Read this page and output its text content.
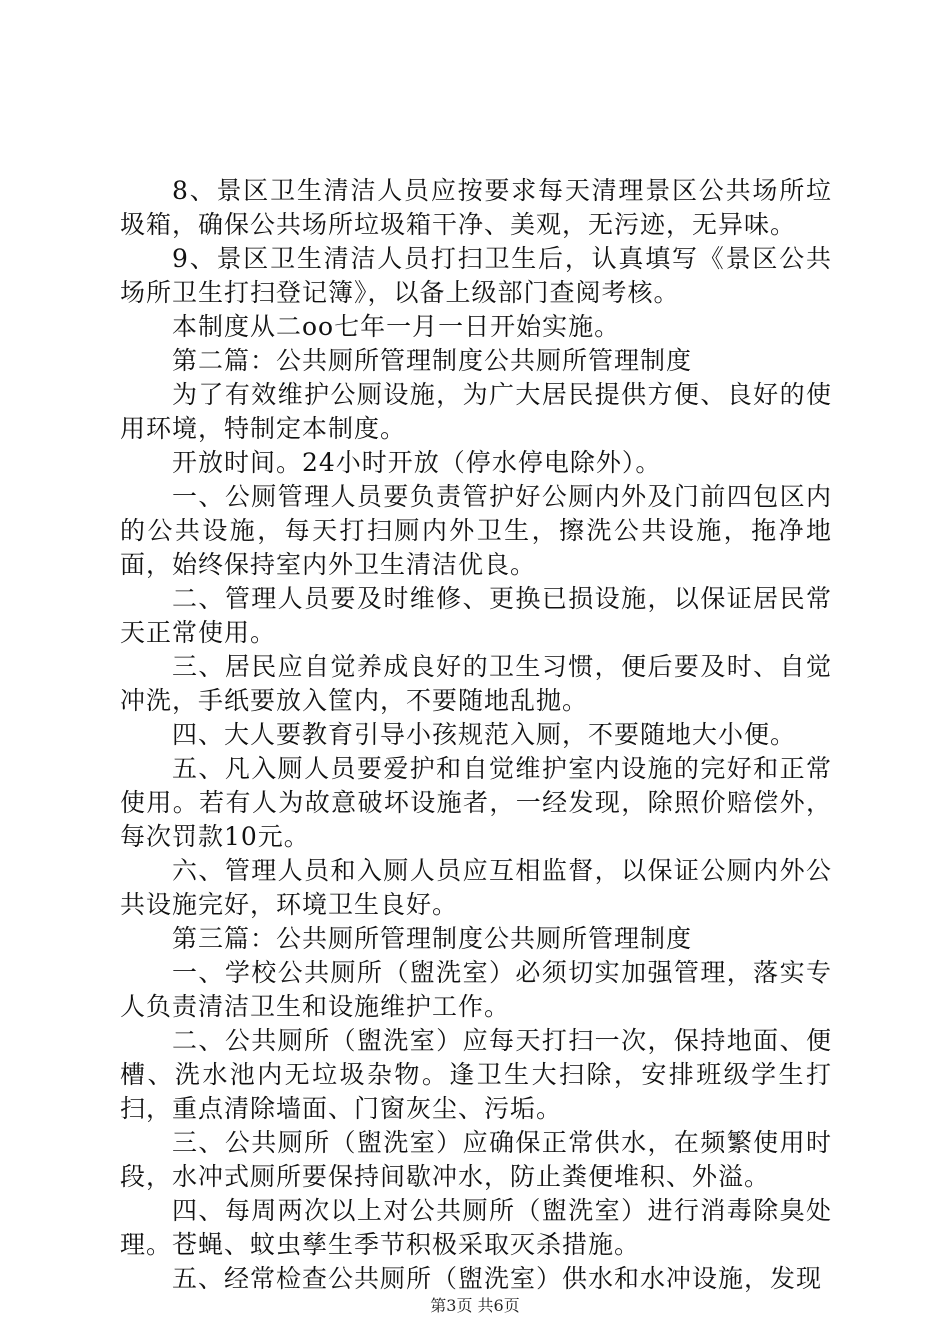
8、景区卫生清洁人员应按要求每天清理景区公共场所垃圾箱，确保公共场所垃圾箱干净、美观，无污迹，无异味。

9、景区卫生清洁人员打扫卫生后，认真填写《景区公共场所卫生打扫登记簿》，以备上级部门查阅考核。

本制度从二oo七年一月一日开始实施。

第二篇：公共厕所管理制度公共厕所管理制度

为了有效维护公厕设施，为广大居民提供方便、良好的使用环境，特制定本制度。

开放时间。24小时开放（停水停电除外）。

一、公厕管理人员要负责管护好公厕内外及门前四包区内的公共设施，每天打扫厕内外卫生，擦洗公共设施，拖净地面，始终保持室内外卫生清洁优良。

二、管理人员要及时维修、更换已损设施，以保证居民常天正常使用。

三、居民应自觉养成良好的卫生习惯，便后要及时、自觉冲洗，手纸要放入筐内，不要随地乱抛。

四、大人要教育引导小孩规范入厕，不要随地大小便。

五、凡入厕人员要爱护和自觉维护室内设施的完好和正常使用。若有人为故意破坏设施者，一经发现，除照价赔偿外，每次罚款10元。

六、管理人员和入厕人员应互相监督，以保证公厕内外公共设施完好，环境卫生良好。

第三篇：公共厕所管理制度公共厕所管理制度

一、学校公共厕所（盥洗室）必须切实加强管理，落实专人负责清洁卫生和设施维护工作。

二、公共厕所（盥洗室）应每天打扫一次，保持地面、便槽、洗水池内无垃圾杂物。逢卫生大扫除，安排班级学生打扫，重点清除墙面、门窗灰尘、污垢。

三、公共厕所（盥洗室）应确保正常供水，在频繁使用时段，水冲式厕所要保持间歇冲水，防止粪便堆积、外溢。

四、每周两次以上对公共厕所（盥洗室）进行消毒除臭处理。苍蝇、蚊虫孳生季节积极采取灭杀措施。

五、经常检查公共厕所（盥洗室）供水和水冲设施，发现

第3页 共6页
